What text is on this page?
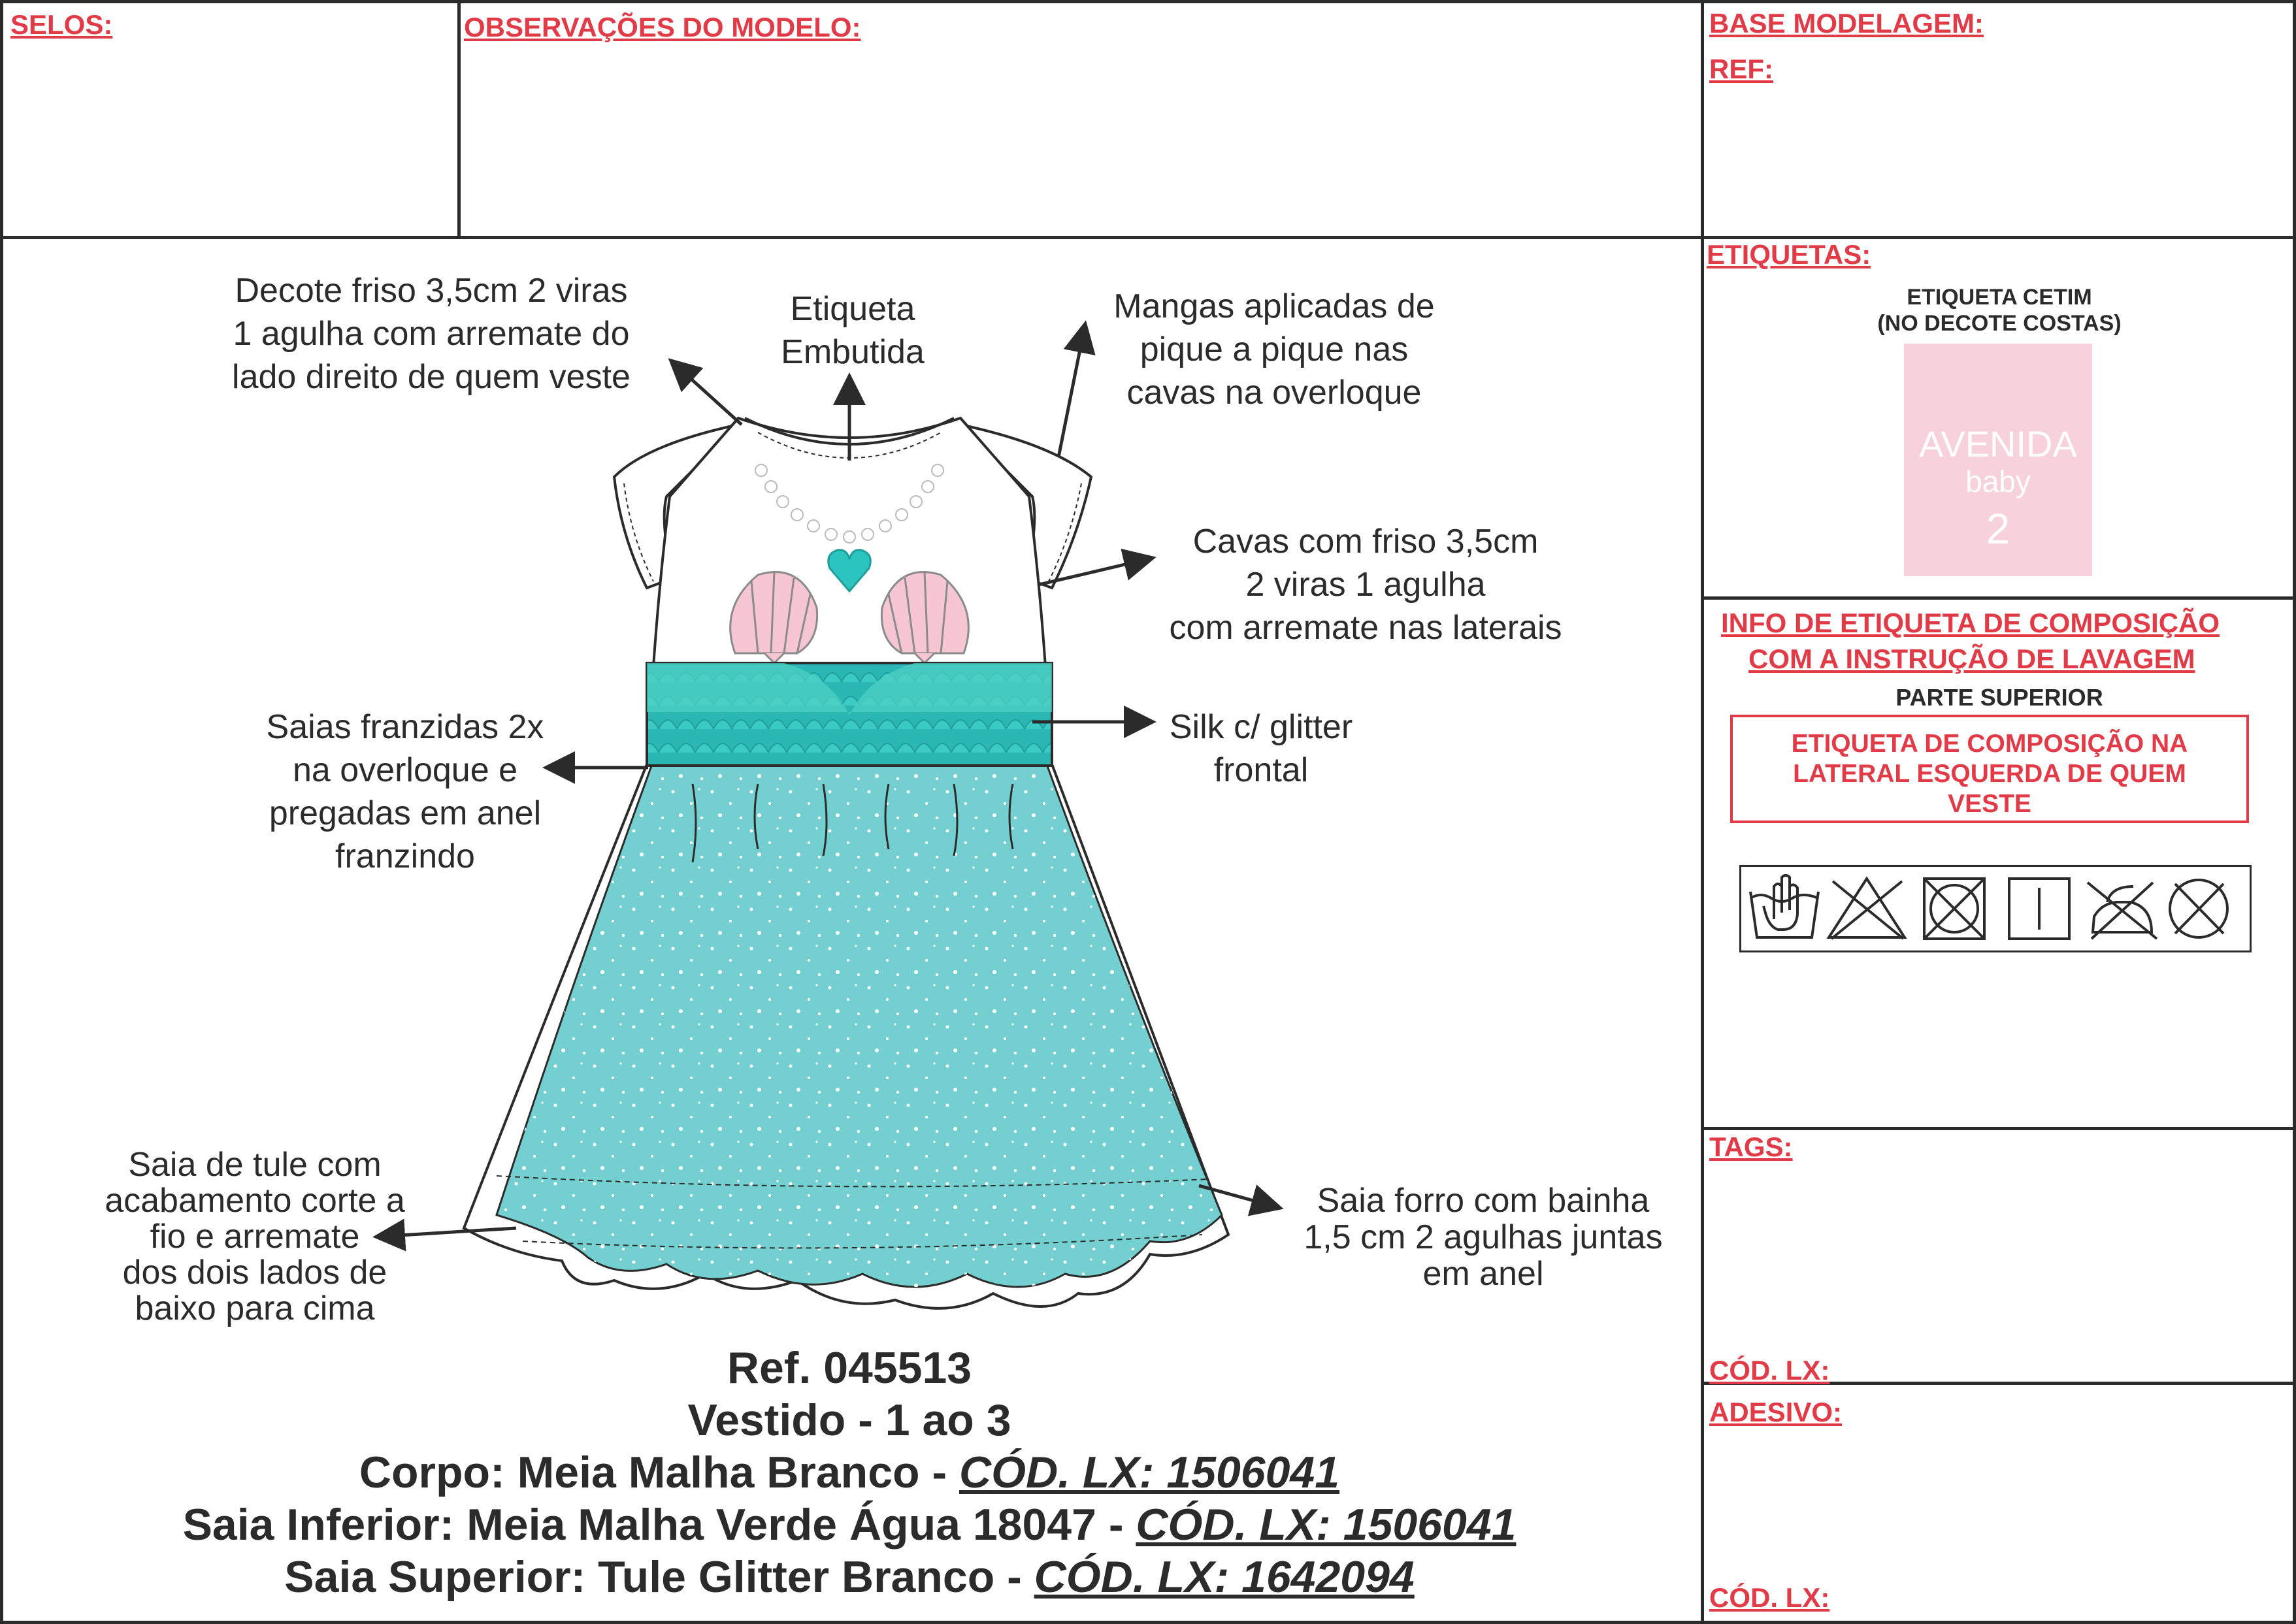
SELOS:	OBSERVAÇÕES DO MODELO:	BASE MODELAGEM:
REF:
ETIQUETAS:
ETIQUETA CETIM
(NO DECOTE COSTAS)
AVENIDA
baby
2
INFO DE ETIQUETA DE COMPOSIÇÃO
COM A INSTRUÇÃO DE LAVAGEM
PARTE SUPERIOR
ETIQUETA DE COMPOSIÇÃO NA
LATERAL ESQUERDA DE QUEM
VESTE
TAGS:
CÓD. LX:
ADESIVO:
CÓD. LX:
Decote friso 3,5cm 2 viras
1 agulha com arremate do
lado direito de quem veste
Etiqueta
Embutida
Mangas aplicadas de
pique a pique nas
cavas na overloque
Cavas com friso 3,5cm
2 viras 1 agulha
com arremate nas laterais
Saias franzidas 2x
na overloque e
pregadas em anel
franzindo
Silk c/ glitter
frontal
Saia de tule com
acabamento corte a
fio e arremate
dos dois lados de
baixo para cima
Saia forro com bainha
1,5 cm 2 agulhas juntas
em anel
Ref. 045513
Vestido - 1 ao 3
Corpo: Meia Malha Branco - CÓD. LX: 1506041
Saia Inferior: Meia Malha Verde Água 18047 - CÓD. LX: 1506041
Saia Superior: Tule Glitter Branco - CÓD. LX: 1642094
